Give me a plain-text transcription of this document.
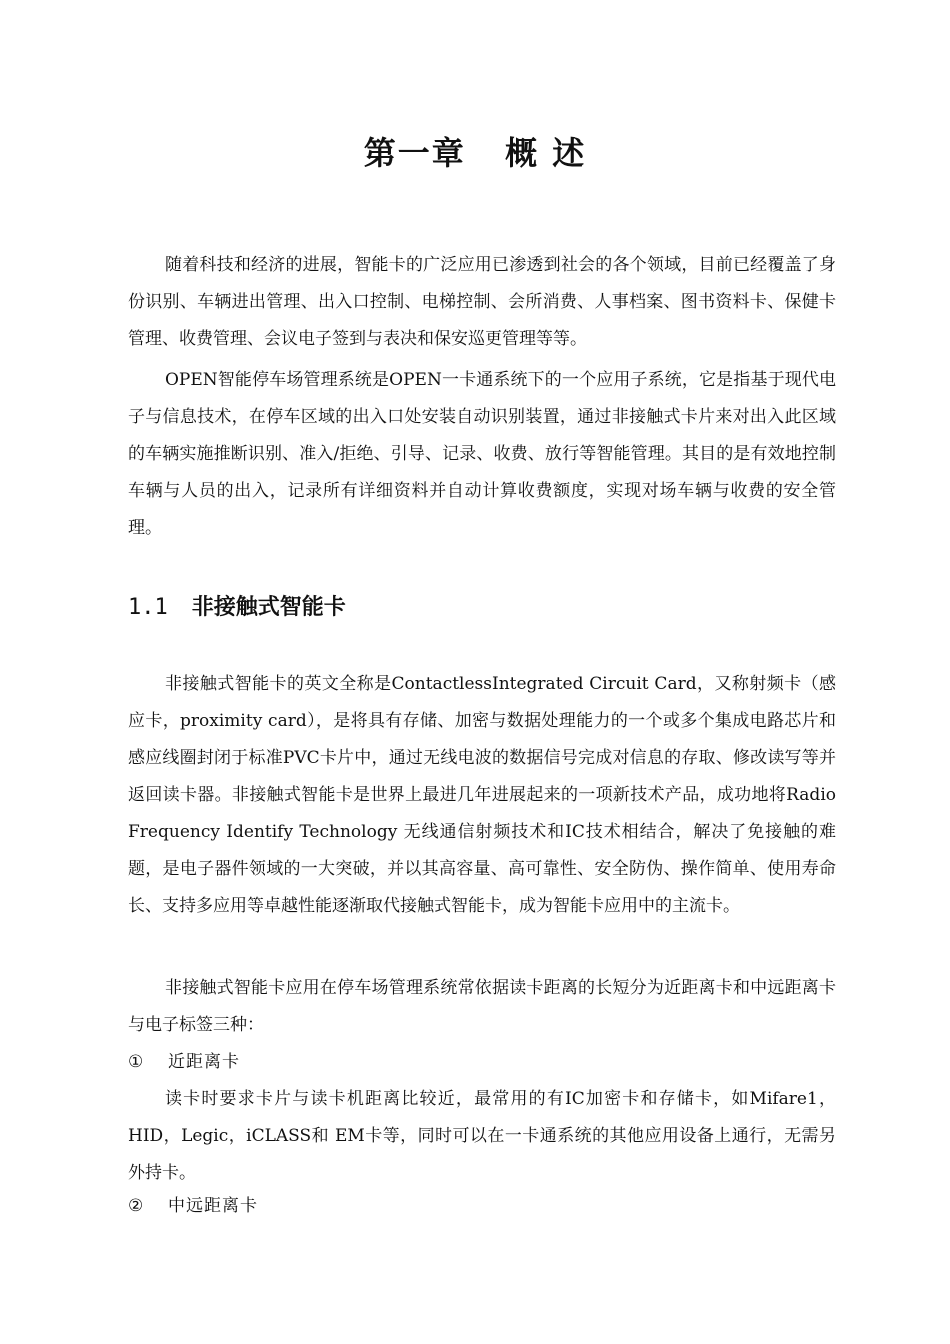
第一章   概 述

随着科技和经济的进展，智能卡的广泛应用已渗透到社会的各个领域，目前已经覆盖了身份识别、车辆进出管理、出入口控制、电梯控制、会所消费、人事档案、图书资料卡、保健卡管理、收费管理、会议电子签到与表决和保安巡更管理等等。

OPEN智能停车场管理系统是OPEN一卡通系统下的一个应用子系统，它是指基于现代电子与信息技术，在停车区域的出入口处安装自动识别装置，通过非接触式卡片来对出入此区域的车辆实施推断识别、准入/拒绝、引导、记录、收费、放行等智能管理。其目的是有效地控制车辆与人员的出入，记录所有详细资料并自动计算收费额度，实现对场车辆与收费的安全管理。

1.1 非接触式智能卡

非接触式智能卡的英文全称是ContactlessIntegrated Circuit Card，又称射频卡（感应卡，proximity card），是将具有存储、加密与数据处理能力的一个或多个集成电路芯片和感应线圈封闭于标准PVC卡片中，通过无线电波的数据信号完成对信息的存取、修改读写等并返回读卡器。非接触式智能卡是世界上最进几年进展起来的一项新技术产品，成功地将Radio Frequency Identify Technology 无线通信射频技术和IC技术相结合，解决了免接触的难题，是电子器件领域的一大突破，并以其高容量、高可靠性、安全防伪、操作简单、使用寿命长、支持多应用等卓越性能逐渐取代接触式智能卡，成为智能卡应用中的主流卡。

非接触式智能卡应用在停车场管理系统常依据读卡距离的长短分为近距离卡和中远距离卡与电子标签三种：

① 近距离卡

读卡时要求卡片与读卡机距离比较近，最常用的有IC加密卡和存储卡，如Mifare1，HID，Legic，iCLASS和 EM卡等，同时可以在一卡通系统的其他应用设备上通行，无需另外持卡。

② 中远距离卡
